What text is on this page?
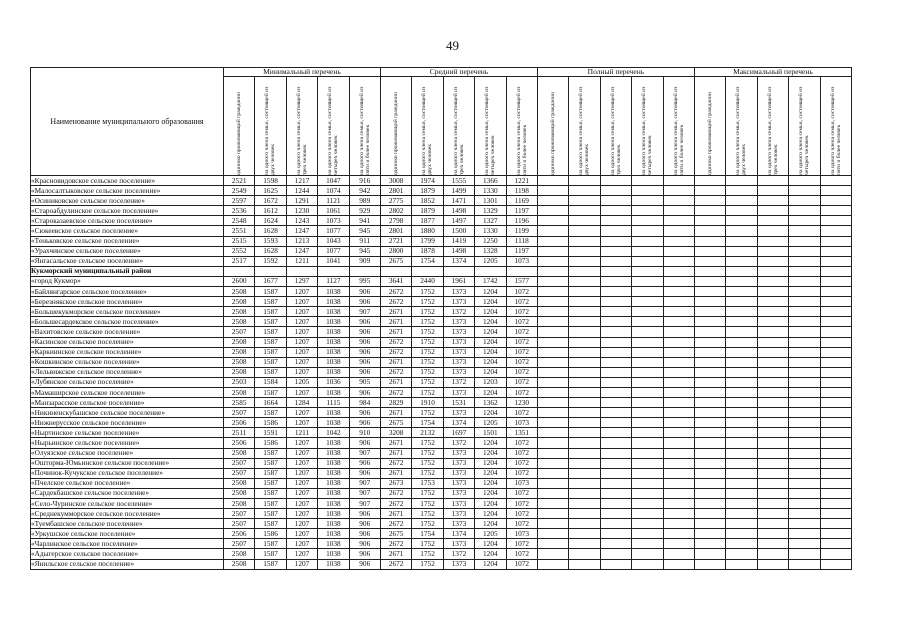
49
Наименование муниципального образования	Минимальный перечень					Средний перечень					Полный перечень					Максимальный перечень				

	одиноко проживающий гражданин	на одного члена семьи, состоящей из двух человек	на одного члена семьи, состоящей из трех человек	на одного члена семьи, состоящей из четырех человек	на одного члена семьи, состоящей из пяти и более человек	одиноко проживающий гражданин	на одного члена семьи, состоящей из двух человек	на одного члена семьи, состоящей из трех человек	на одного члена семьи, состоящей из четырех человек	на одного члена семьи, состоящей из пяти и более человек	одиноко проживающий гражданин	на одного члена семьи, состоящей из двух человек	на одного члена семьи, состоящей из трех человек	на одного члена семьи, состоящей из четырех человек	на одного члена семьи, состоящей из пяти и более человек	одиноко проживающий гражданин	на одного члена семьи, состоящей из двух человек	на одного члена семьи, состоящей из трех человек	на одного члена семьи, состоящей из четырех человек	на одного члена семьи, состоящей из пяти и более человек

«Красновидовское сельское поселение»	2521	1598	1217	1047	916	3008	1974	1555	1366	1221										
«Малосалтыковское сельское поселение»	2549	1625	1244	1074	942	2801	1879	1499	1330	1198										
«Осиниковское сельское поселение»	2597	1672	1291	1121	989	2775	1852	1471	1301	1169										
«Староабдулинское сельское поселение»	2536	1612	1230	1061	929	2802	1879	1498	1329	1197										
«Староказаевское сельское поселение»	2548	1624	1243	1073	941	2798	1877	1497	1327	1196										
«Сюкеевское сельское поселение»	2551	1628	1247	1077	945	2801	1880	1500	1330	1199										
«Теньковское сельское поселение»	2515	1593	1213	1043	911	2721	1799	1419	1250	1118										
«Урахчинское сельское поселение»	2552	1628	1247	1077	945	2800	1878	1498	1328	1197										
«Янгасальское сельское поселение»	2517	1592	1211	1041	909	2675	1754	1374	1205	1073										
Кукморский муниципальный район																				
«город Кукмор»	2600	1677	1297	1127	995	3641	2440	1961	1742	1577										
«Байлянгарское сельское поселение»	2508	1587	1207	1038	906	2672	1752	1373	1204	1072										
«Березнякское сельское поселение»	2508	1587	1207	1038	906	2672	1752	1373	1204	1072										
«Большекукморское сельское поселение»	2508	1587	1207	1038	907	2671	1752	1372	1204	1072										
«Большесардекское сельское поселение»	2508	1587	1207	1038	906	2671	1752	1373	1204	1072										
«Вахитовское сельское поселение»	2507	1587	1207	1038	906	2671	1752	1373	1204	1072										
«Касинское сельское поселение»	2508	1587	1207	1038	906	2672	1752	1373	1204	1072										
«Каркиинское сельское поселение»	2508	1587	1207	1038	906	2672	1752	1373	1204	1072										
«Кошкинское сельское поселение»	2508	1587	1207	1038	906	2671	1752	1373	1204	1072										
«Лельвижское сельское поселение»	2508	1587	1207	1038	906	2672	1752	1373	1204	1072										
«Лубянское сельское поселение»	2503	1584	1205	1036	905	2671	1752	1372	1203	1072										
«Мамаширское сельское поселение»	2508	1587	1207	1038	906	2672	1752	1373	1204	1072										
«Манзарасское сельское поселение»	2585	1664	1284	1115	984	2829	1910	1531	1362	1230										
«Никиненскубашское сельское поселение»	2507	1587	1207	1038	906	2671	1752	1373	1204	1072										
«Нижнерусское сельское поселение»	2506	1586	1207	1038	906	2675	1754	1374	1205	1073										
«Ныртинское сельское поселение»	2511	1591	1211	1042	910	3208	2132	1697	1501	1351										
«Нырьинское сельское поселение»	2506	1586	1207	1038	906	2671	1752	1372	1204	1072										
«Олуязское сельское поселение»	2508	1587	1207	1038	907	2671	1752	1373	1204	1072										
«Ошторма-Юмьинское сельское поселение»	2507	1587	1207	1038	906	2672	1752	1373	1204	1072										
«Починок-Кучукское сельское поселение»	2507	1587	1207	1038	906	2671	1752	1373	1204	1072										
«Пчелское сельское поселение»	2508	1587	1207	1038	907	2673	1753	1373	1204	1073										
«Сардекбашское сельское поселение»	2508	1587	1207	1038	907	2672	1752	1373	1204	1072										
«Село-Чуринское сельское поселение»	2508	1587	1207	1038	907	2672	1752	1373	1204	1072										
«Среднекумморское сельское поселение»	2507	1587	1207	1038	906	2671	1752	1373	1204	1072										
«Туембашское сельское поселение»	2507	1587	1207	1038	906	2672	1752	1373	1204	1072										
«Уркушское сельское поселение»	2506	1586	1207	1038	906	2675	1754	1374	1205	1073										
«Чарлинское сельское поселение»	2507	1587	1207	1038	906	2672	1752	1373	1204	1072										
«Адыгерское сельское поселение»	2508	1587	1207	1038	906	2671	1752	1372	1204	1072										
«Янильское сельское поселение»	2508	1587	1207	1038	906	2672	1752	1373	1204	1072										
